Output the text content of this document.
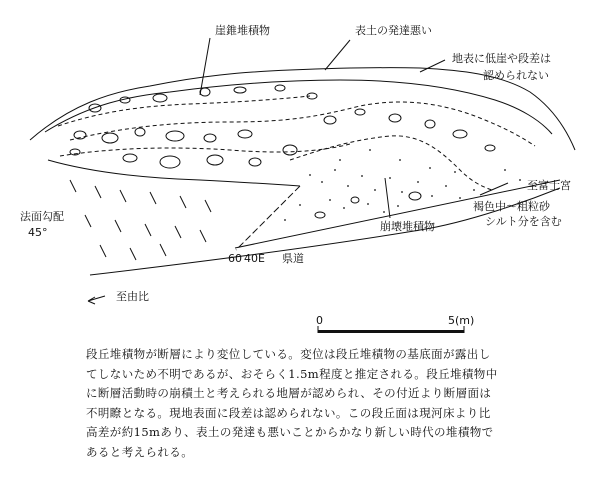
崖錐堆積物	表土の発達悪い
地表に低崖や段差は
認められない
法面勾配
45°
至富士宮
褐色中～粗粒砂
シルト分を含む
崩壊堆積物
60 40E 県道
至由比
0	5(m)

段丘堆積物が断層により変位している。変位は段丘堆積物の基底面が露出し

てしないため不明であるが、おそらく1.5m程度と推定される。段丘堆積物中

に断層活動時の崩積土と考えられる地層が認められ、その付近より断層面は

不明瞭となる。現地表面に段差は認められない。この段丘面は現河床より比

高差が約15mあり、表土の発達も悪いことからかなり新しい時代の堆積物で

あると考えられる。
